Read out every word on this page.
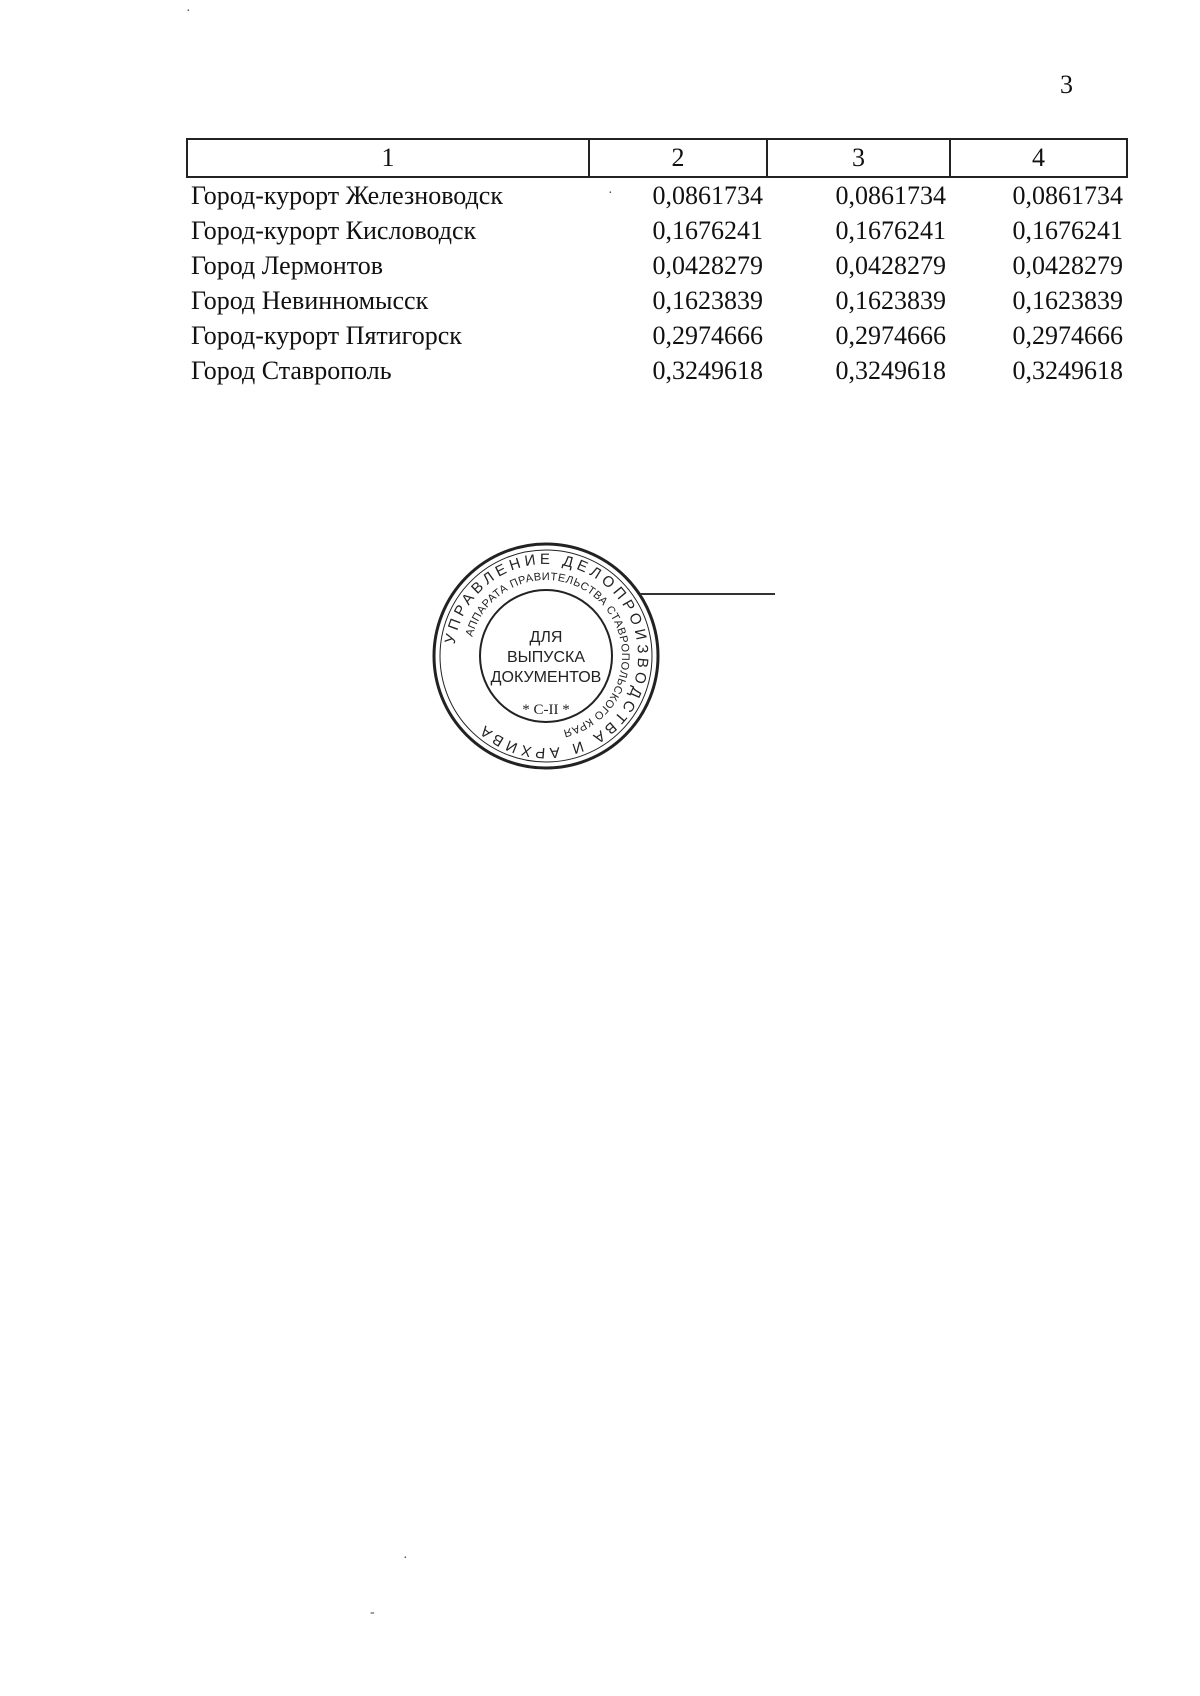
3
1	2	3	4
Город-курорт Железноводск	0,0861734	0,0861734	0,0861734
Город-курорт Кисловодск	0,1676241	0,1676241	0,1676241
Город Лермонтов	0,0428279	0,0428279	0,0428279
Город Невинномысск	0,1623839	0,1623839	0,1623839
Город-курорт Пятигорск	0,2974666	0,2974666	0,2974666
Город Ставрополь	0,3249618	0,3249618	0,3249618
УПРАВЛЕНИЕ ДЕЛОПРОИЗВОДСТВА И АРХИВА
АППАРАТА ПРАВИТЕЛЬСТВА СТАВРОПОЛЬСКОГО КРАЯ
ДЛЯ
ВЫПУСКА
ДОКУМЕНТОВ
* С-II *
·
·
·
-
